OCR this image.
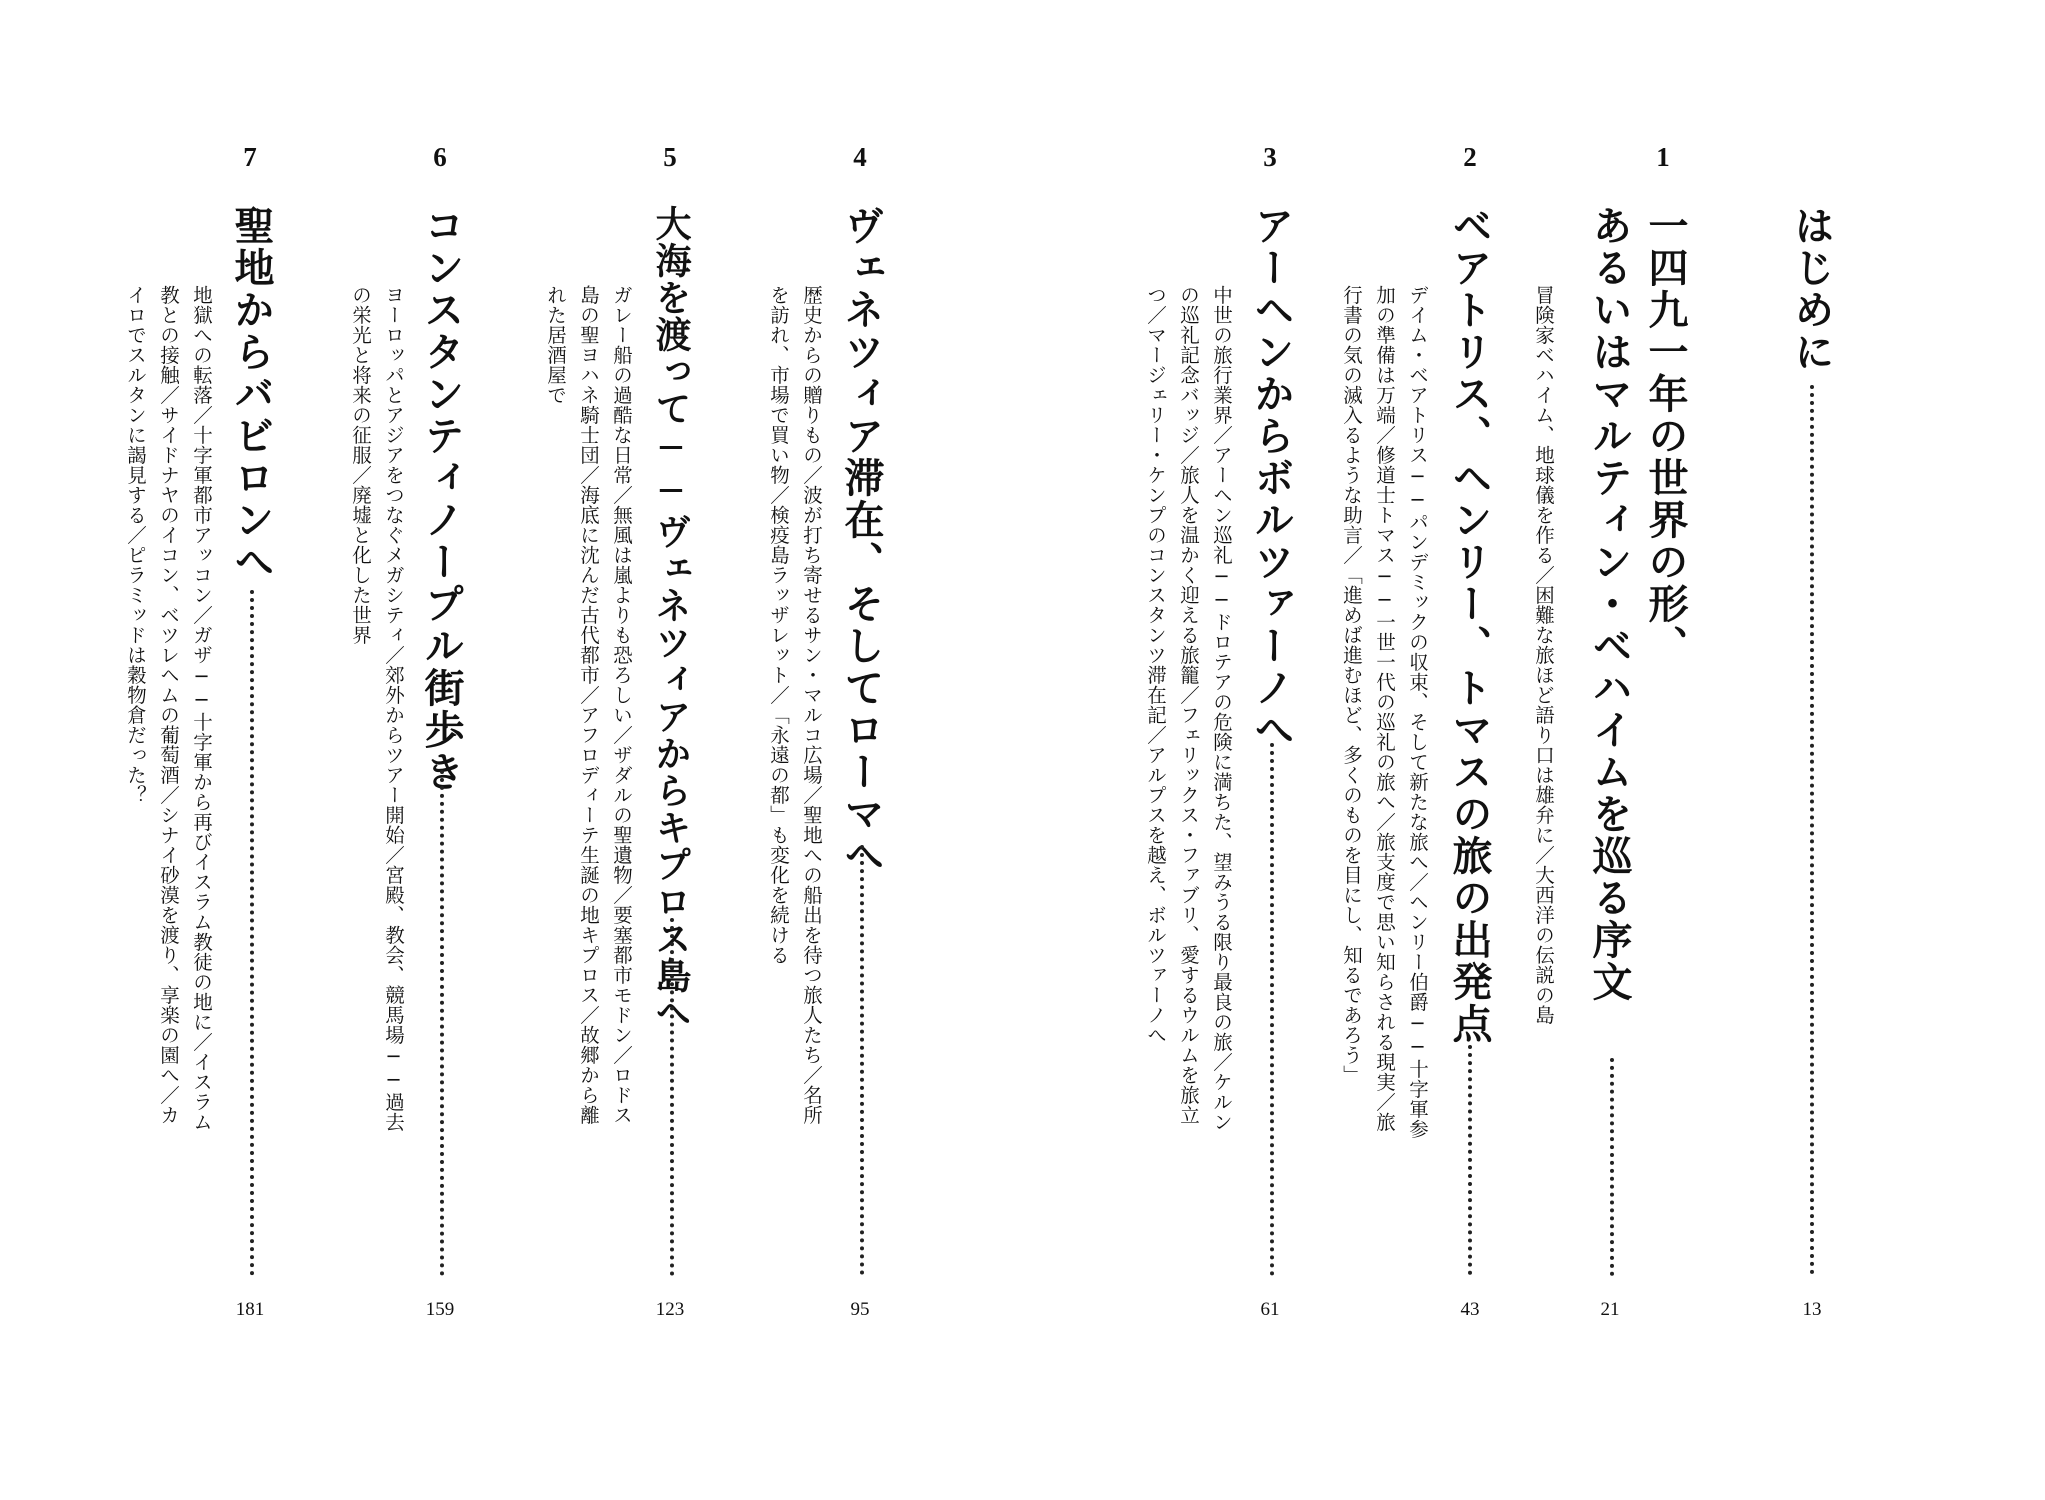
はじめに
13
1
一四九一年の世界の形、
あるいはマルティン・ベハイムを巡る序文
冒険家ベハイム、地球儀を作る／困難な旅ほど語り口は雄弁に／大西洋の伝説の島
21
2
ベアトリス、ヘンリー、トマスの旅の出発点
デイム・ベアトリス──パンデミックの収束、そして新たな旅へ／ヘンリー伯爵──十字軍参
加の準備は万端／修道士トマス──一世一代の巡礼の旅へ／旅支度で思い知らされる現実／旅
行書の気の滅入るような助言／「進めば進むほど、多くのものを目にし、知るであろう」
43
3
アーヘンからボルツァーノへ
中世の旅行業界／アーヘン巡礼──ドロテアの危険に満ちた、望みうる限り最良の旅／ケルン
の巡礼記念バッジ／旅人を温かく迎える旅籠／フェリックス・ファブリ、愛するウルムを旅立
つ／マージェリー・ケンプのコンスタンツ滞在記／アルプスを越え、ボルツァーノへ
61
4
ヴェネツィア滞在、そしてローマへ
歴史からの贈りもの／波が打ち寄せるサン・マルコ広場／聖地への船出を待つ旅人たち／名所
を訪れ、市場で買い物／検疫島ラッザレット／「永遠の都」も変化を続ける
95
5
大海を渡って──ヴェネツィアからキプロス島へ
ガレー船の過酷な日常／無風は嵐よりも恐ろしい／ザダルの聖遺物／要塞都市モドン／ロドス
島の聖ヨハネ騎士団／海底に沈んだ古代都市／アフロディーテ生誕の地キプロス／故郷から離
れた居酒屋で
123
6
コンスタンティノープル街歩き
ヨーロッパとアジアをつなぐメガシティ／郊外からツアー開始／宮殿、教会、競馬場──過去
の栄光と将来の征服／廃墟と化した世界
159
7
聖地からバビロンへ
地獄への転落／十字軍都市アッコン／ガザ──十字軍から再びイスラム教徒の地に／イスラム
教との接触／サイドナヤのイコン、ベツレヘムの葡萄酒／シナイ砂漠を渡り、享楽の園へ／カ
イロでスルタンに謁見する／ピラミッドは穀物倉だった？
181
